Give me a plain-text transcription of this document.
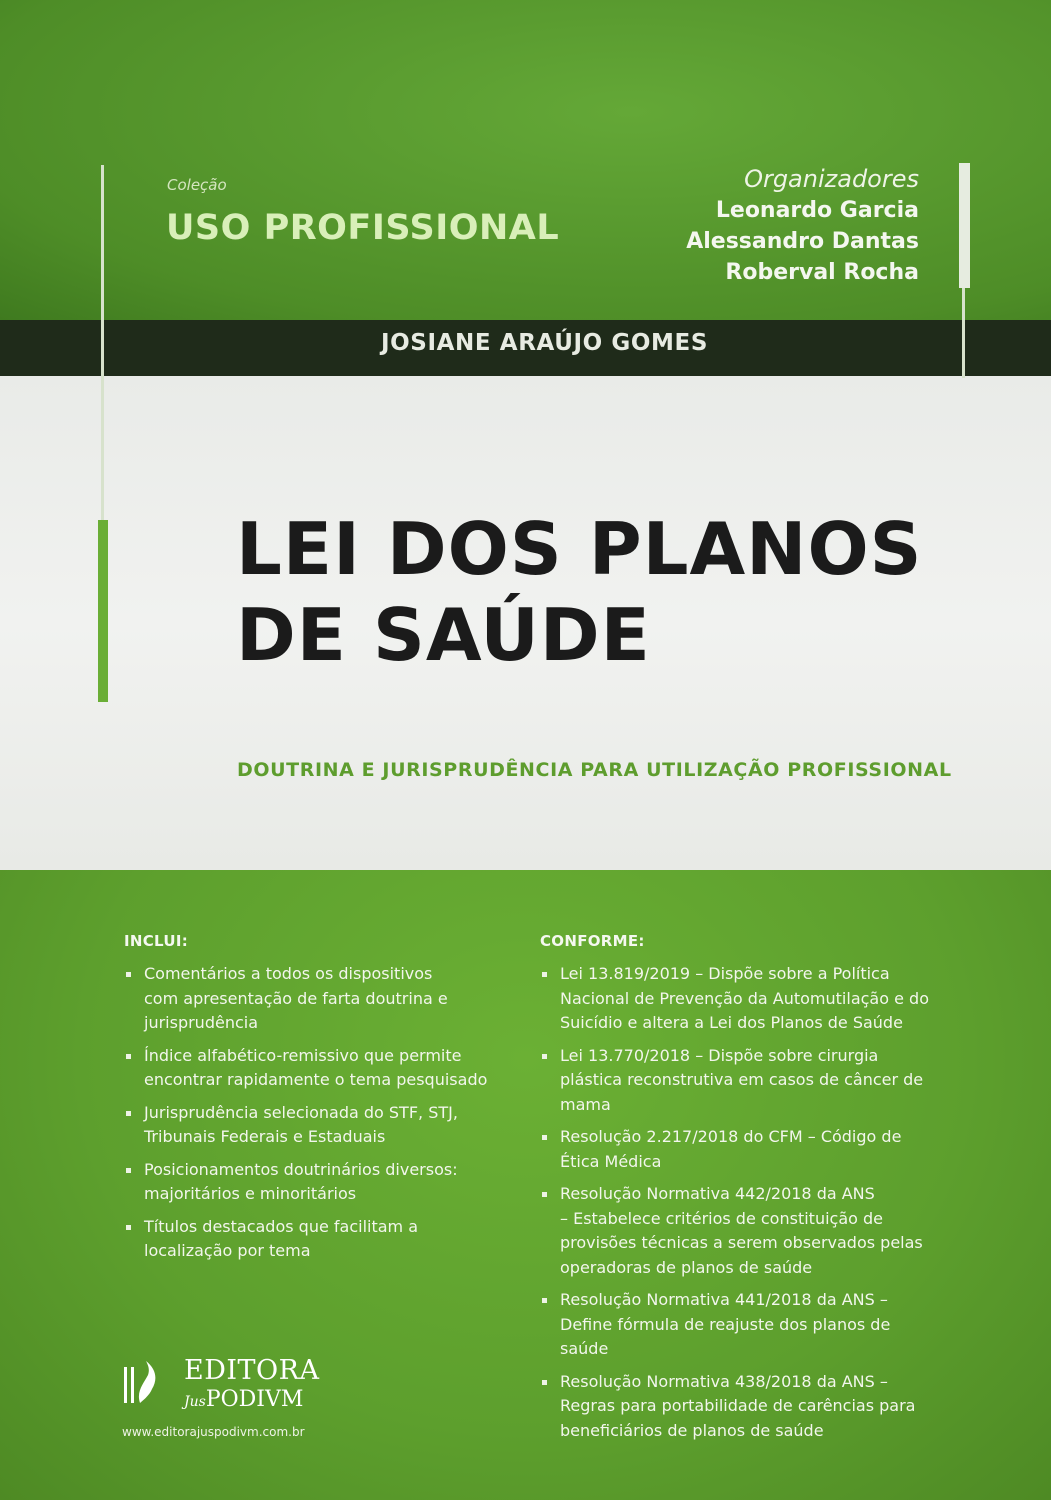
Coleção
USO PROFISSIONAL
Organizadores
Leonardo Garcia
Alessandro Dantas
Roberval Rocha
JOSIANE ARAÚJO GOMES
LEI DOS PLANOS
DE SAÚDE
DOUTRINA E JURISPRUDÊNCIA PARA UTILIZAÇÃO PROFISSIONAL
INCLUI:
Comentários a todos os dispositivos
com apresentação de farta doutrina e
jurisprudência
Índice alfabético-remissivo que permite
encontrar rapidamente o tema pesquisado
Jurisprudência selecionada do STF, STJ,
Tribunais Federais e Estaduais
Posicionamentos doutrinários diversos:
majoritários e minoritários
Títulos destacados que facilitam a
localização por tema
CONFORME:
Lei 13.819/2019 – Dispõe sobre a Política
Nacional de Prevenção da Automutilação e do
Suicídio e altera a Lei dos Planos de Saúde
Lei 13.770/2018 – Dispõe sobre cirurgia
plástica reconstrutiva em casos de câncer de
mama
Resolução 2.217/2018 do CFM – Código de
Ética Médica
Resolução Normativa 442/2018 da ANS
– Estabelece critérios de constituição de
provisões técnicas a serem observados pelas
operadoras de planos de saúde
Resolução Normativa 441/2018 da ANS –
Define fórmula de reajuste dos planos de
saúde
Resolução Normativa 438/2018 da ANS –
Regras para portabilidade de carências para
beneficiários de planos de saúde
EDITORA
JusPODIVM
www.editorajuspodivm.com.br
